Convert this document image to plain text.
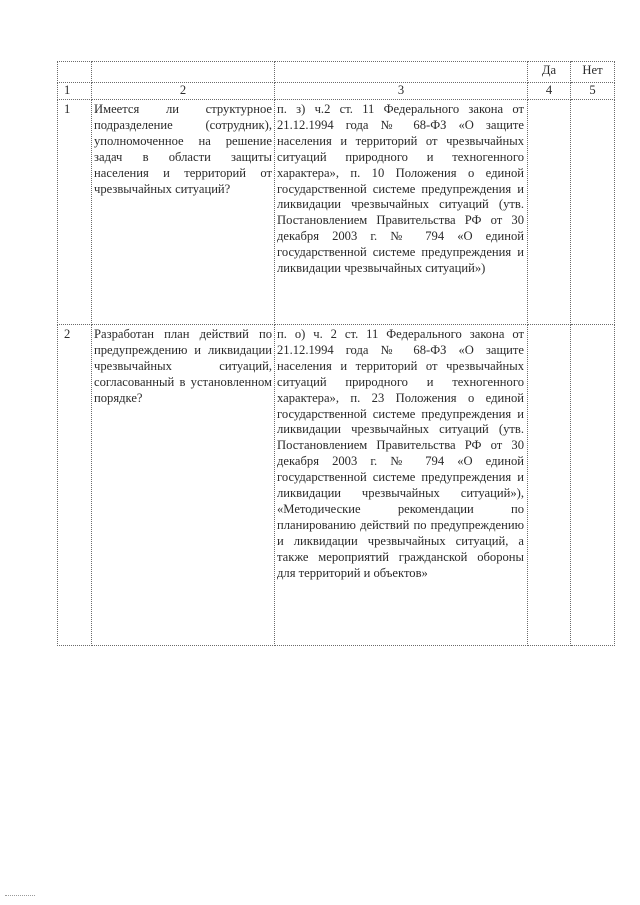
			Да	Нет
1	2	3	4	5
1	Имеется ли структурное подразделение (сотрудник), уполномоченное на решение задач в области защиты населения и территорий от чрезвычайных ситуаций?	п. з) ч.2 ст. 11 Федерального закона от 21.12.1994 года № 68-ФЗ «О защите населения и территорий от чрезвычайных ситуаций природного и техногенного характера», п. 10 Положения о единой государственной системе предупреждения и ликвидации чрезвычайных ситуаций (утв. Постановлением Правительства РФ от 30 декабря 2003 г. № 794 «О единой государственной системе предупреждения и ликвидации чрезвычайных ситуаций»)		
2	Разработан план действий по предупреждению и ликвидации чрезвычайных ситуаций, согласованный в установленном порядке?	п. о) ч. 2 ст. 11 Федерального закона от 21.12.1994 года № 68-ФЗ «О защите населения и территорий от чрезвычайных ситуаций природного и техногенного характера», п. 23 Положения о единой государственной системе предупреждения и ликвидации чрезвычайных ситуаций (утв. Постановлением Правительства РФ от 30 декабря 2003 г. № 794 «О единой государственной системе предупреждения и ликвидации чрезвычайных ситуаций»), «Методические рекомендации по планированию действий по предупреждению и ликвидации чрезвычайных ситуаций, а также мероприятий гражданской обороны для территорий и объектов»		
